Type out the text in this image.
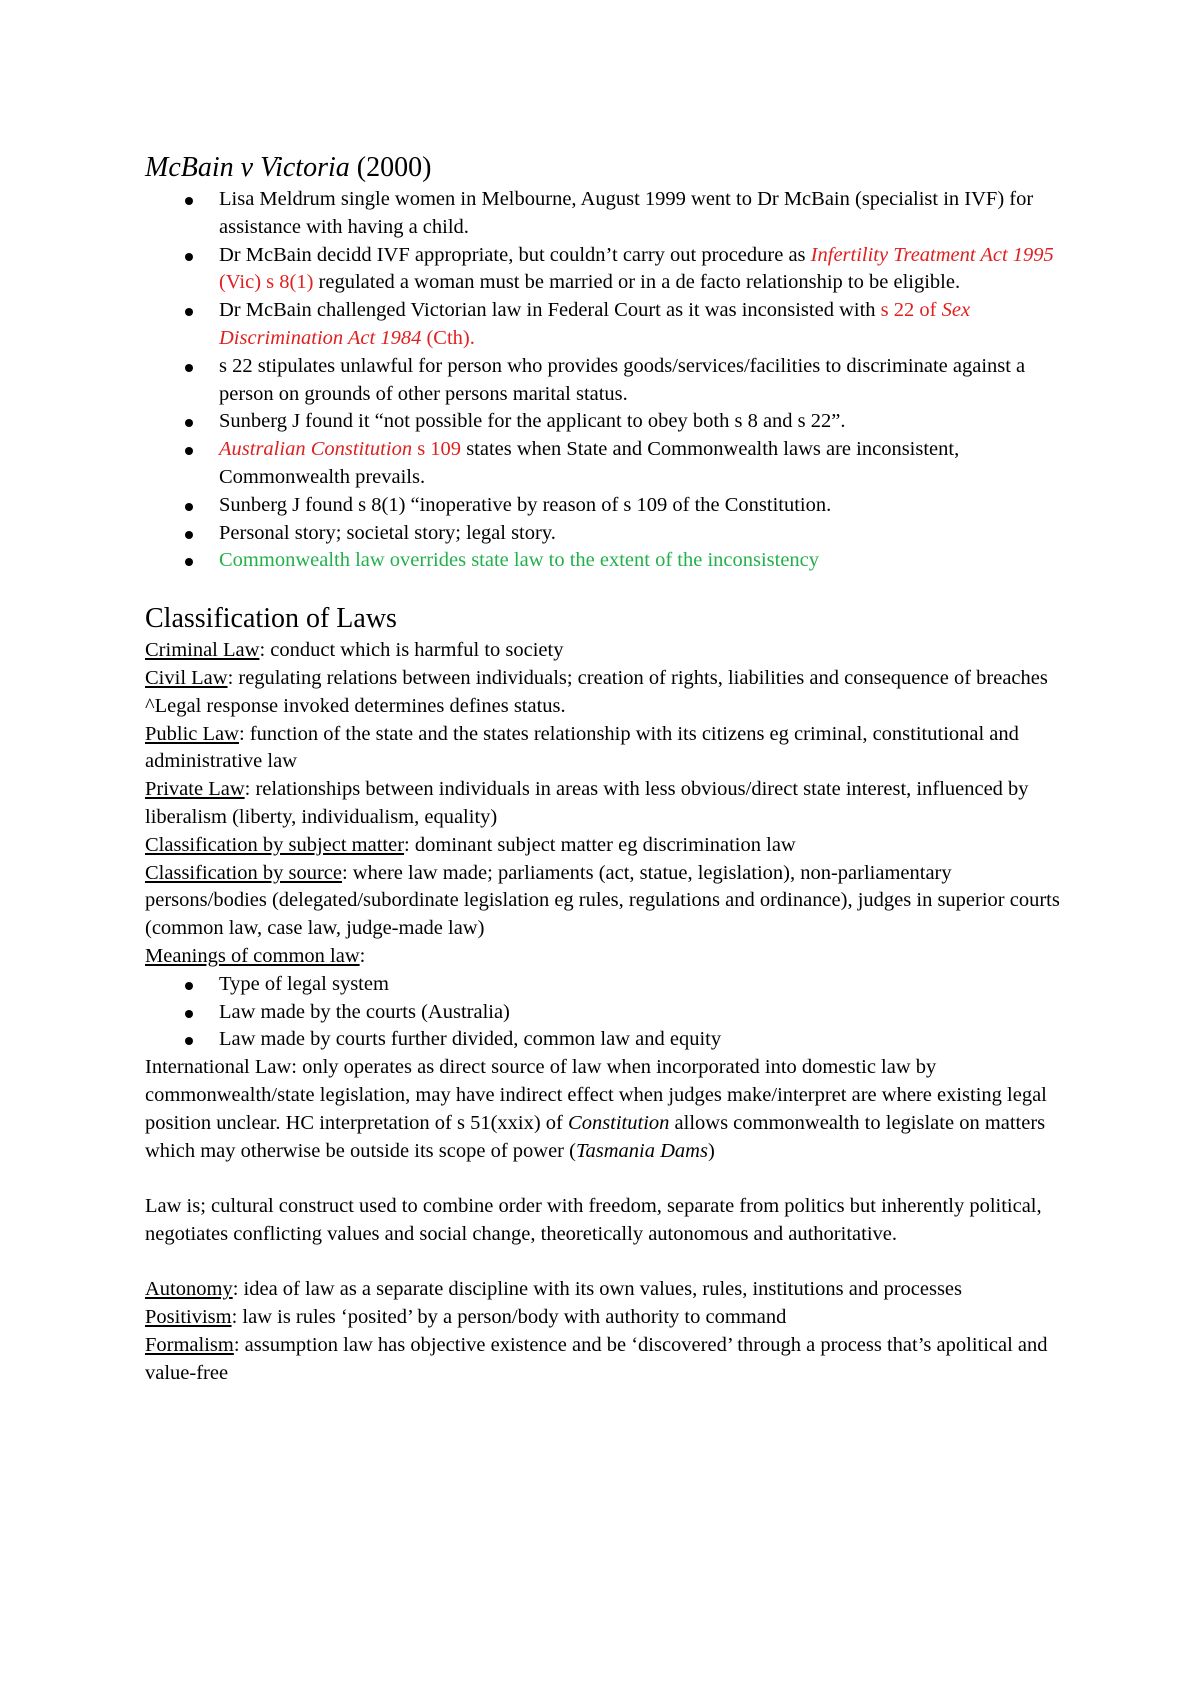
McBain v Victoria (2000)
Lisa Meldrum single women in Melbourne, August 1999 went to Dr McBain (specialist in IVF) for assistance with having a child.
Dr McBain decidd IVF appropriate, but couldn’t carry out procedure as Infertility Treatment Act 1995 (Vic) s 8(1) regulated a woman must be married or in a de facto relationship to be eligible.
Dr McBain challenged Victorian law in Federal Court as it was inconsisted with s 22 of Sex Discrimination Act 1984 (Cth).
s 22 stipulates unlawful for person who provides goods/services/facilities to discriminate against a person on grounds of other persons marital status.
Sunberg J found it “not possible for the applicant to obey both s 8 and s 22”.
Australian Constitution s 109 states when State and Commonwealth laws are inconsistent, Commonwealth prevails.
Sunberg J found s 8(1) “inoperative by reason of s 109 of the Constitution.
Personal story; societal story; legal story.
Commonwealth law overrides state law to the extent of the inconsistency
Classification of Laws

Criminal Law: conduct which is harmful to society

Civil Law: regulating relations between individuals; creation of rights, liabilities and consequence of breaches

^Legal response invoked determines defines status.

Public Law: function of the state and the states relationship with its citizens eg criminal, constitutional and administrative law

Private Law: relationships between individuals in areas with less obvious/direct state interest, influenced by liberalism (liberty, individualism, equality)

Classification by subject matter: dominant subject matter eg discrimination law

Classification by source: where law made; parliaments (act, statue, legislation), non-parliamentary persons/bodies (delegated/subordinate legislation eg rules, regulations and ordinance), judges in superior courts (common law, case law, judge-made law)

Meanings of common law:

Type of legal system
Law made by the courts (Australia)
Law made by courts further divided, common law and equity

International Law: only operates as direct source of law when incorporated into domestic law by commonwealth/state legislation, may have indirect effect when judges make/interpret are where existing legal position unclear. HC interpretation of s 51(xxix) of Constitution allows commonwealth to legislate on matters which may otherwise be outside its scope of power (Tasmania Dams)

Law is; cultural construct used to combine order with freedom, separate from politics but inherently political, negotiates conflicting values and social change, theoretically autonomous and authoritative.

Autonomy: idea of law as a separate discipline with its own values, rules, institutions and processes

Positivism: law is rules ‘posited’ by a person/body with authority to command

Formalism: assumption law has objective existence and be ‘discovered’ through a process that’s apolitical and value-free
